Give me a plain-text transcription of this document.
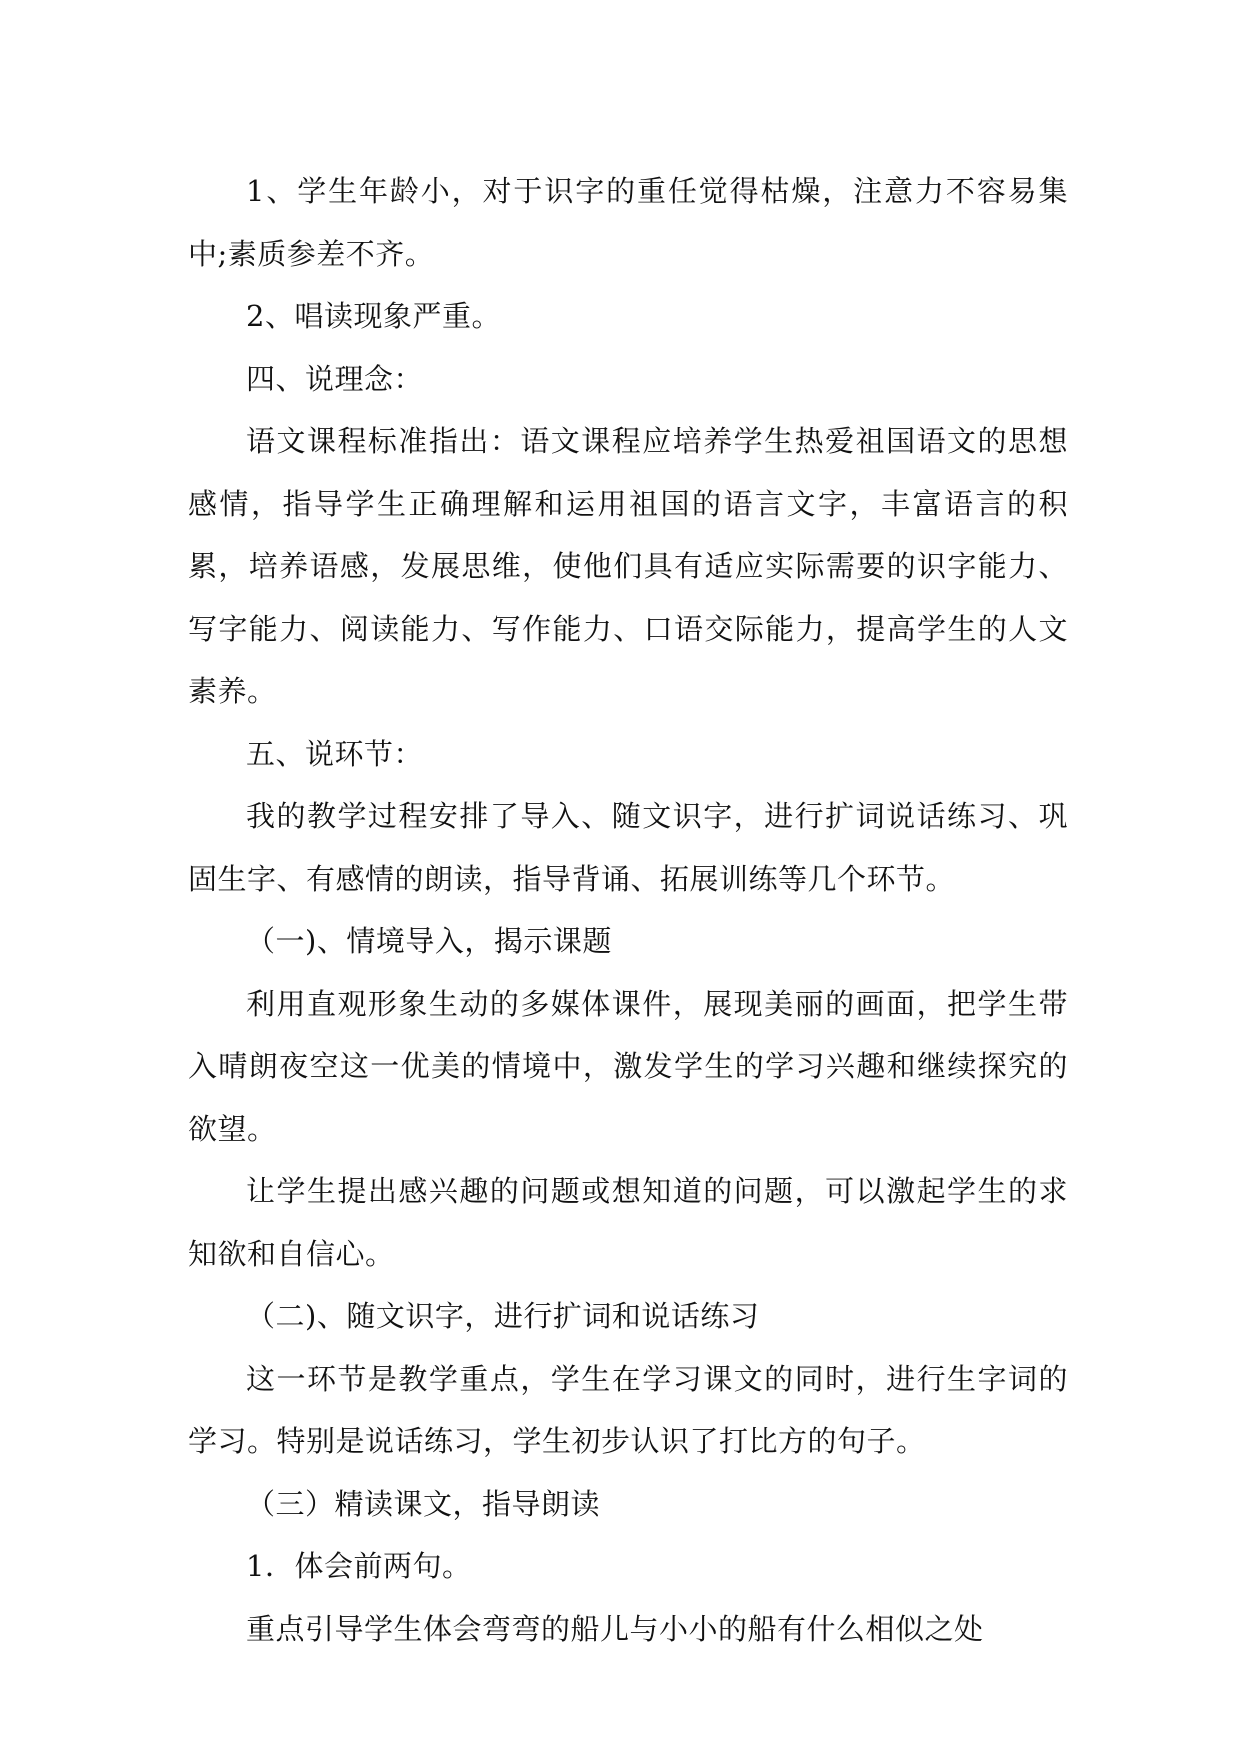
1、学生年龄小，对于识字的重任觉得枯燥，注意力不容易集中;素质参差不齐。

2、唱读现象严重。

四、说理念：

语文课程标准指出：语文课程应培养学生热爱祖国语文的思想感情，指导学生正确理解和运用祖国的语言文字，丰富语言的积累，培养语感，发展思维，使他们具有适应实际需要的识字能力、写字能力、阅读能力、写作能力、口语交际能力，提高学生的人文素养。

五、说环节：

我的教学过程安排了导入、随文识字，进行扩词说话练习、巩固生字、有感情的朗读，指导背诵、拓展训练等几个环节。

（一)、情境导入，揭示课题

利用直观形象生动的多媒体课件，展现美丽的画面，把学生带入晴朗夜空这一优美的情境中，激发学生的学习兴趣和继续探究的欲望。

让学生提出感兴趣的问题或想知道的问题，可以激起学生的求知欲和自信心。

（二)、随文识字，进行扩词和说话练习

这一环节是教学重点，学生在学习课文的同时，进行生字词的学习。特别是说话练习，学生初步认识了打比方的句子。

（三）精读课文，指导朗读

1．体会前两句。

重点引导学生体会弯弯的船儿与小小的船有什么相似之处
